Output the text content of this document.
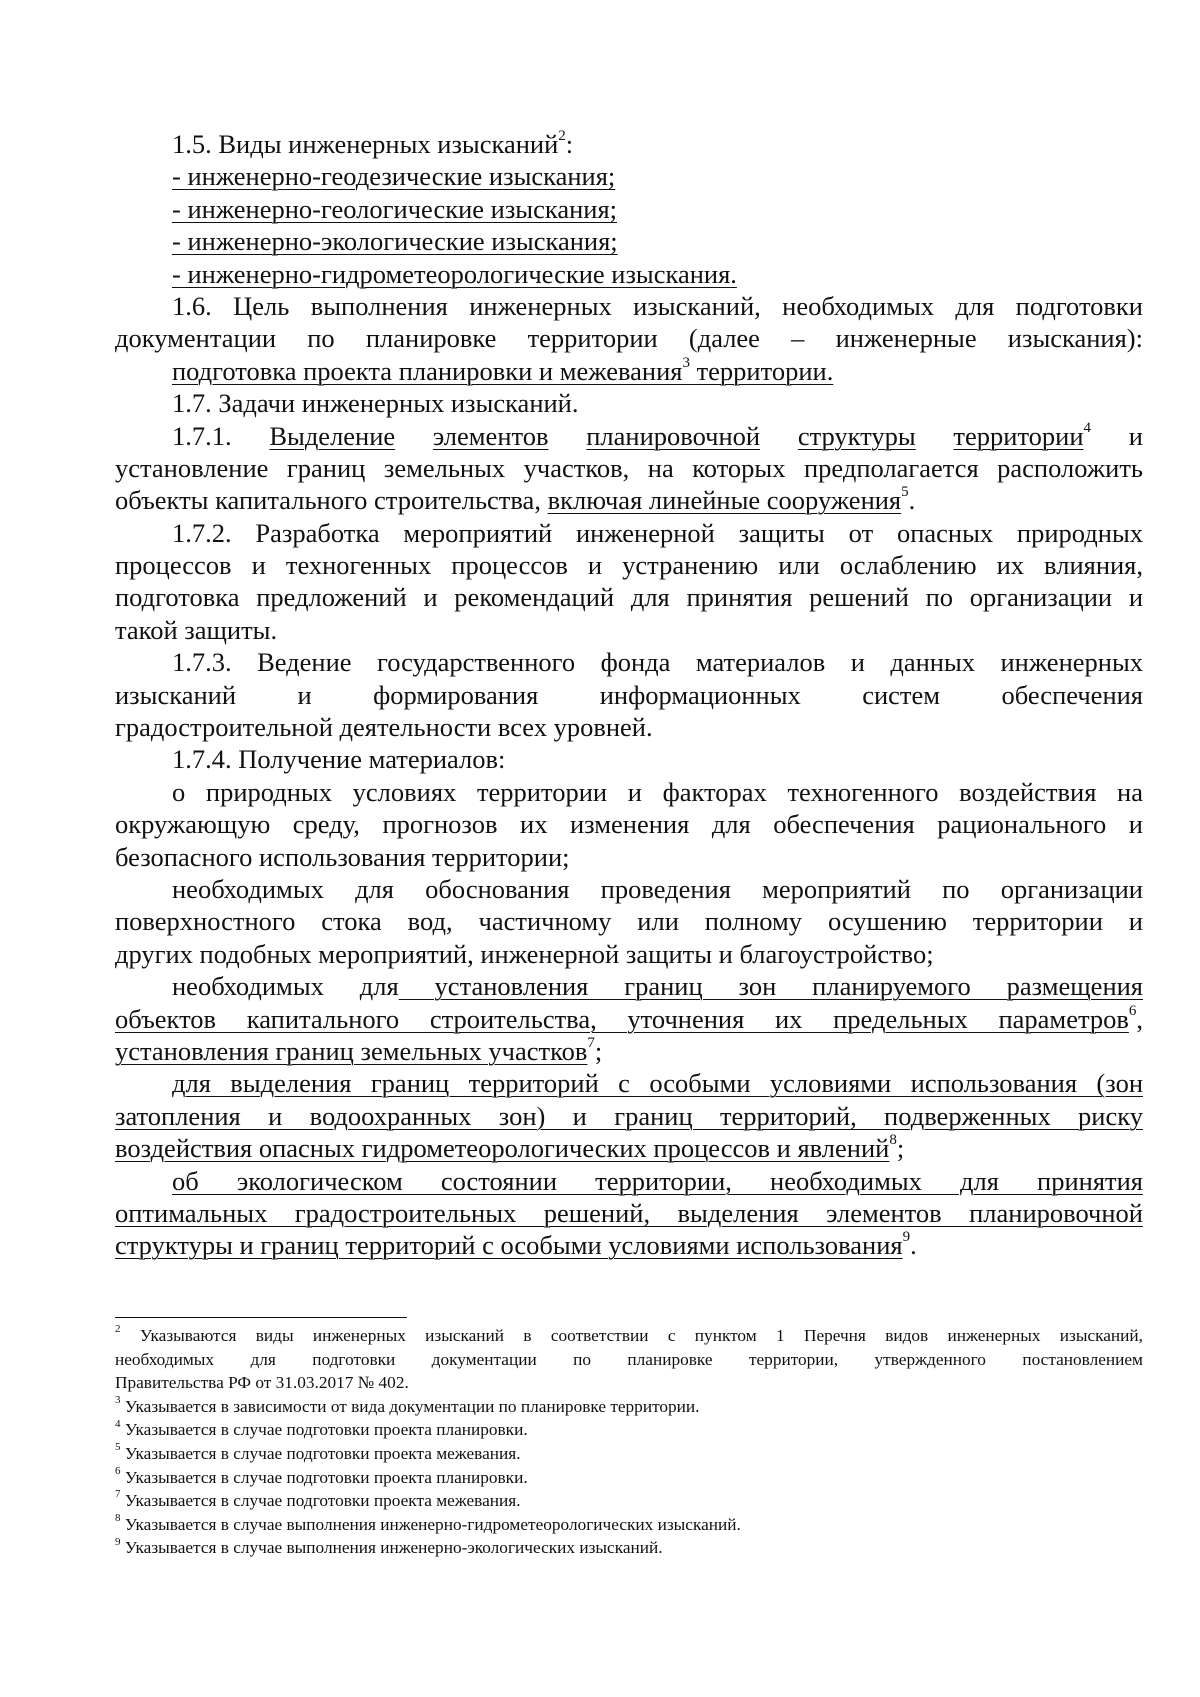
1.5. Виды инженерных изысканий$^2$:
- инженерно-геодезические изыскания;
- инженерно-геологические изыскания;
- инженерно-экологические изыскания;
- инженерно-гидрометеорологические изыскания.
1.6. Цель выполнения инженерных изысканий, необходимых для подготовки
документации по планировке территории (далее – инженерные изыскания):
подготовка проекта планировки и межевания$^3$ территории.
1.7. Задачи инженерных изысканий.
1.7.1. Выделение элементов планировочной структуры территории$^4$ и
установление границ земельных участков, на которых предполагается расположить
объекты капитального строительства, включая линейные сооружения$^5$.
1.7.2. Разработка мероприятий инженерной защиты от опасных природных
процессов и техногенных процессов и устранению или ослаблению их влияния,
подготовка предложений и рекомендаций для принятия решений по организации и
такой защиты.
1.7.3. Ведение государственного фонда материалов и данных инженерных
изысканий и формирования информационных систем обеспечения
градостроительной деятельности всех уровней.
1.7.4. Получение материалов:
о природных условиях территории и факторах техногенного воздействия на
окружающую среду, прогнозов их изменения для обеспечения рационального и
безопасного использования территории;
необходимых для обоснования проведения мероприятий по организации
поверхностного стока вод, частичному или полному осушению территории и
других подобных мероприятий, инженерной защиты и благоустройство;
необходимых для установления границ зон планируемого размещения
объектов капитального строительства, уточнения их предельных параметров$^6$,
установления границ земельных участков$^7$;
для выделения границ территорий с особыми условиями использования (зон
затопления и водоохранных зон) и границ территорий, подверженных риску
воздействия опасных гидрометеорологических процессов и явлений$^8$;
об экологическом состоянии территории, необходимых для принятия
оптимальных градостроительных решений, выделения элементов планировочной
структуры и границ территорий с особыми условиями использования$^9$.
$^2$ Указываются виды инженерных изысканий в соответствии с пунктом 1 Перечня видов инженерных изысканий,
необходимых для подготовки документации по планировке территории, утвержденного постановлением
Правительства РФ от 31.03.2017 № 402.
$^3$ Указывается в зависимости от вида документации по планировке территории.
$^4$ Указывается в случае подготовки проекта планировки.
$^5$ Указывается в случае подготовки проекта межевания.
$^6$ Указывается в случае подготовки проекта планировки.
$^7$ Указывается в случае подготовки проекта межевания.
$^8$ Указывается в случае выполнения инженерно-гидрометеорологических изысканий.
$^9$ Указывается в случае выполнения инженерно-экологических изысканий.
